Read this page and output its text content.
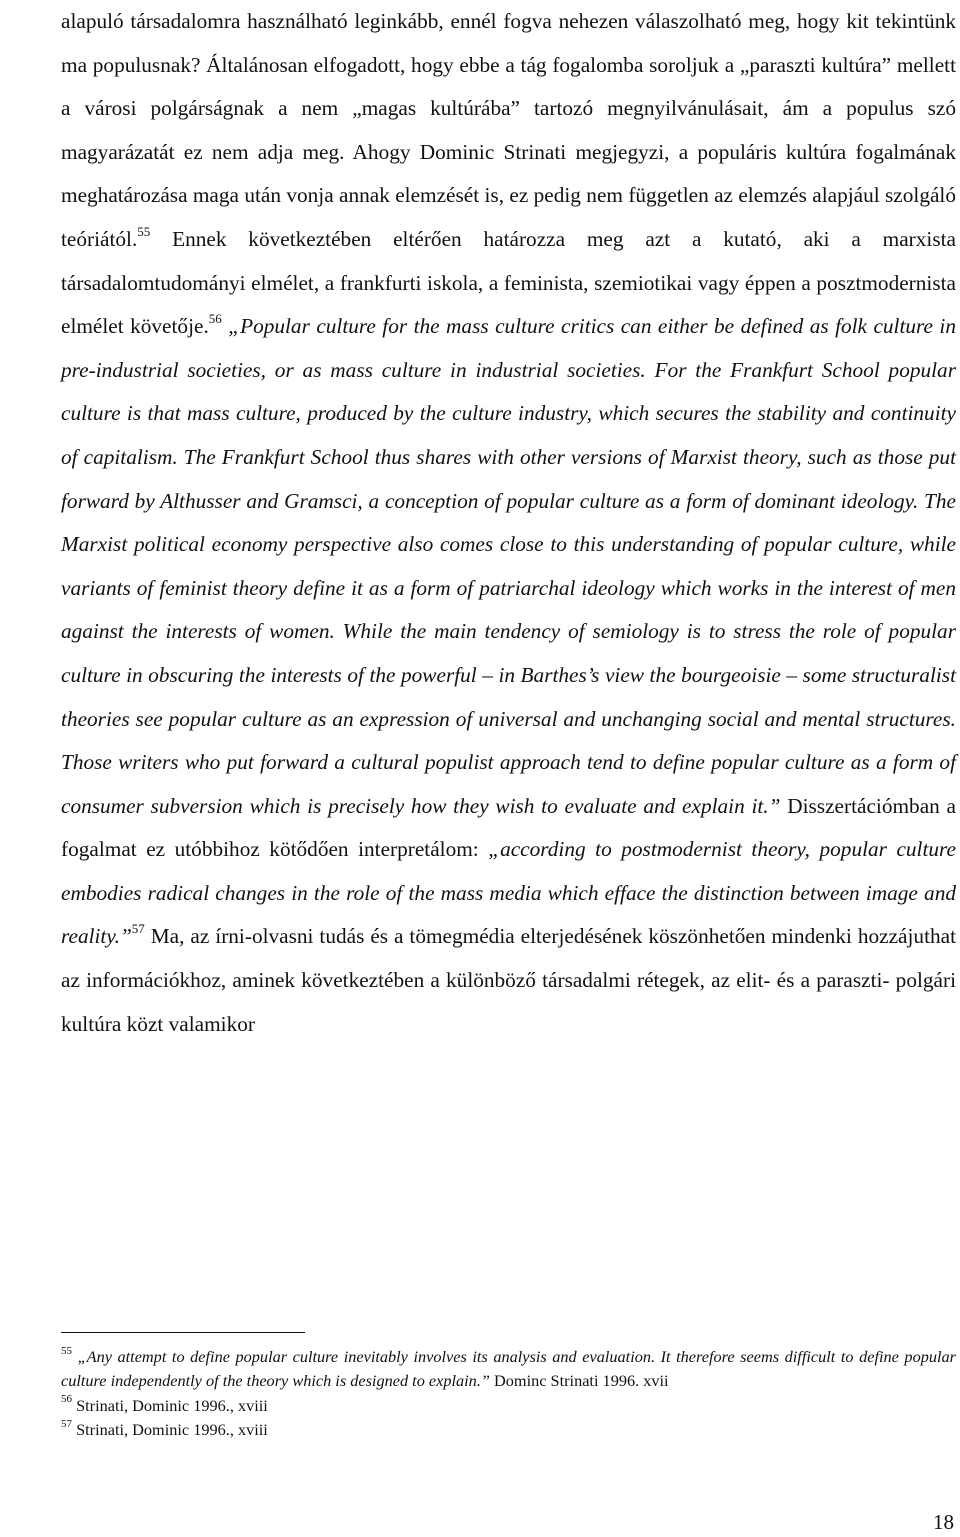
alapuló társadalomra használható leginkább, ennél fogva nehezen válaszolható meg, hogy kit tekintünk ma populusnak? Általánosan elfogadott, hogy ebbe a tág fogalomba soroljuk a „paraszti kultúra” mellett a városi polgárságnak a nem „magas kultúrába” tartozó megnyilvánulásait, ám a populus szó magyarázatát ez nem adja meg. Ahogy Dominic Strinati megjegyzi, a populáris kultúra fogalmának meghatározása maga után vonja annak elemzését is, ez pedig nem független az elemzés alapjául szolgáló teóriától.$^{55}$ Ennek következtében eltérően határozza meg azt a kutató, aki a marxista társadalomtudományi elmélet, a frankfurti iskola, a feminista, szemiotikai vagy éppen a posztmodernista elmélet követője.$^{56}$ „Popular culture for the mass culture critics can either be defined as folk culture in pre-industrial societies, or as mass culture in industrial societies. For the Frankfurt School popular culture is that mass culture, produced by the culture industry, which secures the stability and continuity of capitalism. The Frankfurt School thus shares with other versions of Marxist theory, such as those put forward by Althusser and Gramsci, a conception of popular culture as a form of dominant ideology. The Marxist political economy perspective also comes close to this understanding of popular culture, while variants of feminist theory define it as a form of patriarchal ideology which works in the interest of men against the interests of women. While the main tendency of semiology is to stress the role of popular culture in obscuring the interests of the powerful – in Barthes’s view the bourgeoisie – some structuralist theories see popular culture as an expression of universal and unchanging social and mental structures. Those writers who put forward a cultural populist approach tend to define popular culture as a form of consumer subversion which is precisely how they wish to evaluate and explain it.” Disszertációmban a fogalmat ez utóbbihoz kötődően interpretálom: „according to postmodernist theory, popular culture embodies radical changes in the role of the mass media which efface the distinction between image and reality.”$^{57}$ Ma, az írni-olvasni tudás és a tömegmédia elterjedésének köszönhetően mindenki hozzájuthat az információkhoz, aminek következtében a különböző társadalmi rétegek, az elit- és a paraszti- polgári kultúra közt valamikor

$^{55}$ „Any attempt to define popular culture inevitably involves its analysis and evaluation. It therefore seems difficult to define popular culture independently of the theory which is designed to explain.” Dominc Strinati 1996. xvii

$^{56}$ Strinati, Dominic 1996., xviii

$^{57}$ Strinati, Dominic 1996., xviii

18
